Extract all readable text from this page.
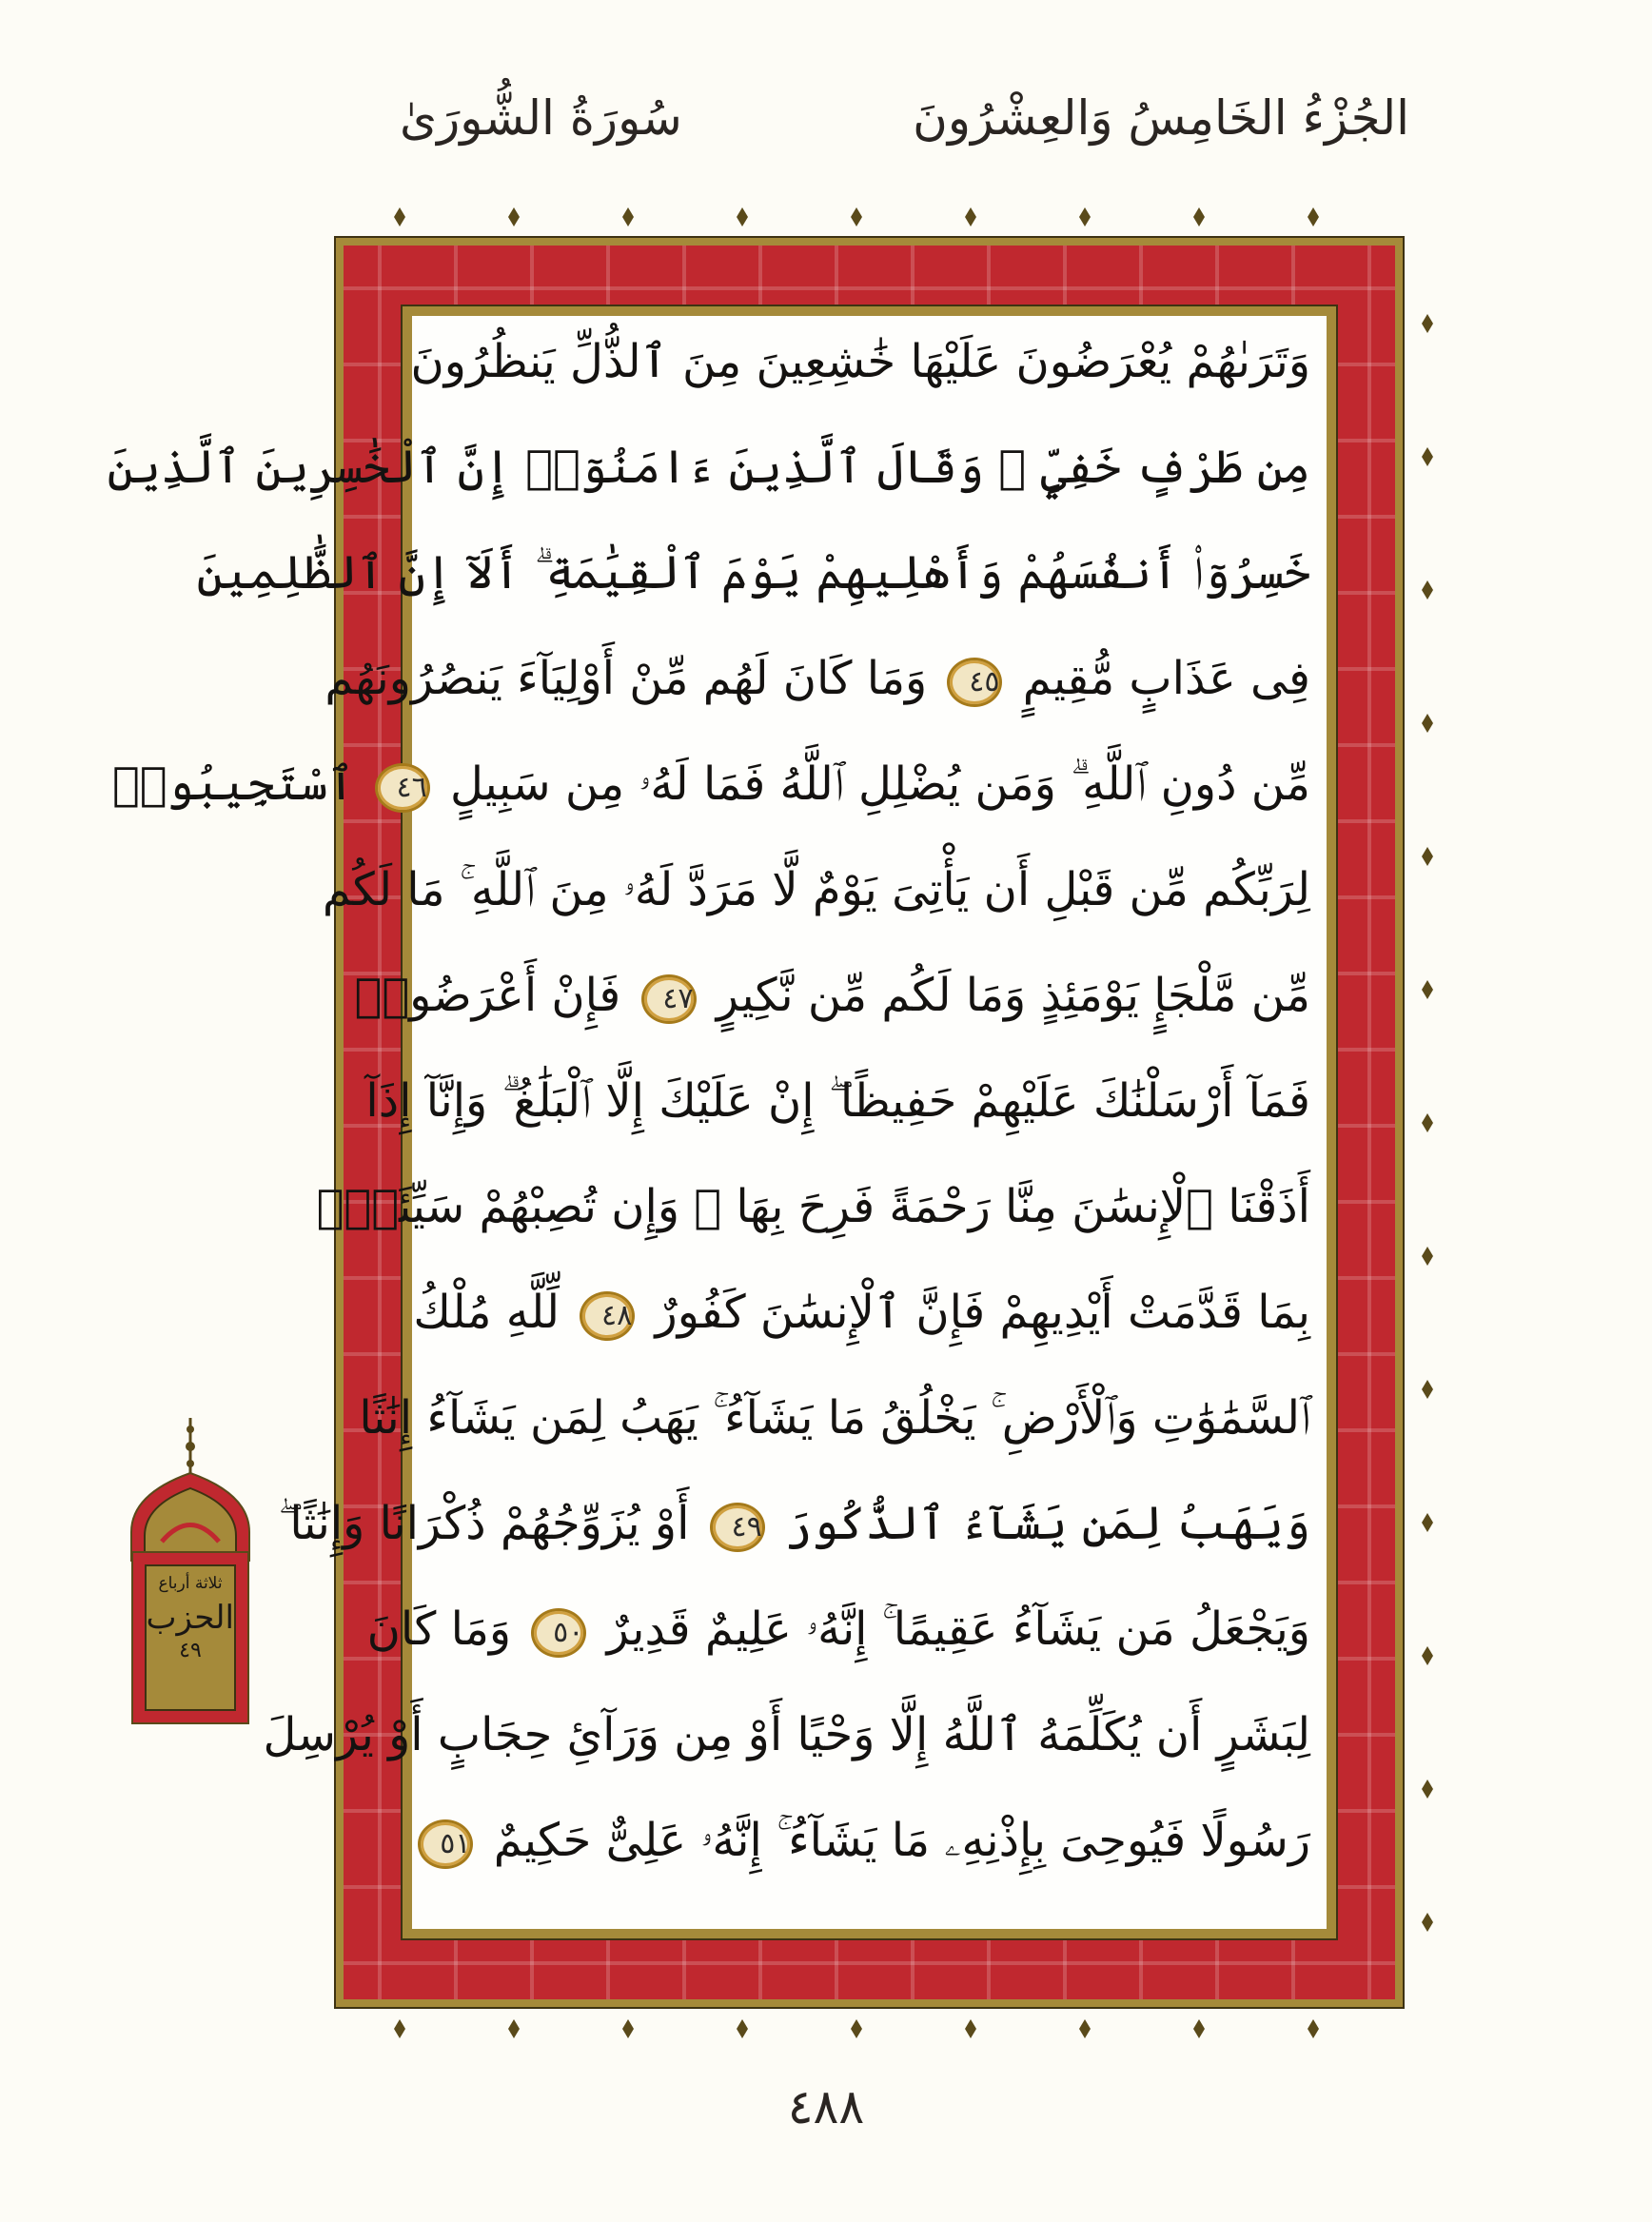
الجُزْءُ الخَامِسُ وَالعِشْرُونَ
سُورَةُ الشُّورَىٰ
وَتَرَىٰهُمْ يُعْرَضُونَ عَلَيْهَا خَٰشِعِينَ مِنَ ٱلذُّلِّ يَنظُرُونَ
مِن طَرْفٍ خَفِيٍّ ۗ وَقَالَ ٱلَّذِينَ ءَامَنُوٓا۟ إِنَّ ٱلْخَٰسِرِينَ ٱلَّذِينَ
خَسِرُوٓا۟ أَنفُسَهُمْ وَأَهْلِيهِمْ يَوْمَ ٱلْقِيَٰمَةِ ۗ أَلَآ إِنَّ ٱلظَّٰلِمِينَ
فِى عَذَابٍ مُّقِيمٍ ٤٥ وَمَا كَانَ لَهُم مِّنْ أَوْلِيَآءَ يَنصُرُونَهُم
مِّن دُونِ ٱللَّهِ ۗ وَمَن يُضْلِلِ ٱللَّهُ فَمَا لَهُۥ مِن سَبِيلٍ ٤٦ ٱسْتَجِيبُوا۟
لِرَبِّكُم مِّن قَبْلِ أَن يَأْتِىَ يَوْمٌ لَّا مَرَدَّ لَهُۥ مِنَ ٱللَّهِ ۚ مَا لَكُم
مِّن مَّلْجَإٍ يَوْمَئِذٍ وَمَا لَكُم مِّن نَّكِيرٍ ٤٧ فَإِنْ أَعْرَضُوا۟
فَمَآ أَرْسَلْنَٰكَ عَلَيْهِمْ حَفِيظًا ۖ إِنْ عَلَيْكَ إِلَّا ٱلْبَلَٰغُ ۗ وَإِنَّآ إِذَآ
أَذَقْنَا ٱلْإِنسَٰنَ مِنَّا رَحْمَةً فَرِحَ بِهَا ۖ وَإِن تُصِبْهُمْ سَيِّئَةٌۢ
بِمَا قَدَّمَتْ أَيْدِيهِمْ فَإِنَّ ٱلْإِنسَٰنَ كَفُورٌ ٤٨ لِّلَّهِ مُلْكُ
ٱلسَّمَٰوَٰتِ وَٱلْأَرْضِ ۚ يَخْلُقُ مَا يَشَآءُ ۚ يَهَبُ لِمَن يَشَآءُ إِنَٰثًا
وَيَهَبُ لِمَن يَشَآءُ ٱلذُّكُورَ ٤٩ أَوْ يُزَوِّجُهُمْ ذُكْرَانًا وَإِنَٰثًا ۖ
وَيَجْعَلُ مَن يَشَآءُ عَقِيمًا ۚ إِنَّهُۥ عَلِيمٌ قَدِيرٌ ٥٠ وَمَا كَانَ
لِبَشَرٍ أَن يُكَلِّمَهُ ٱللَّهُ إِلَّا وَحْيًا أَوْ مِن وَرَآئِ حِجَابٍ أَوْ يُرْسِلَ
رَسُولًا فَيُوحِىَ بِإِذْنِهِۦ مَا يَشَآءُ ۚ إِنَّهُۥ عَلِىٌّ حَكِيمٌ ٥١
ثلاثة أرباع
الحزب
٤٩
٤٨٨
